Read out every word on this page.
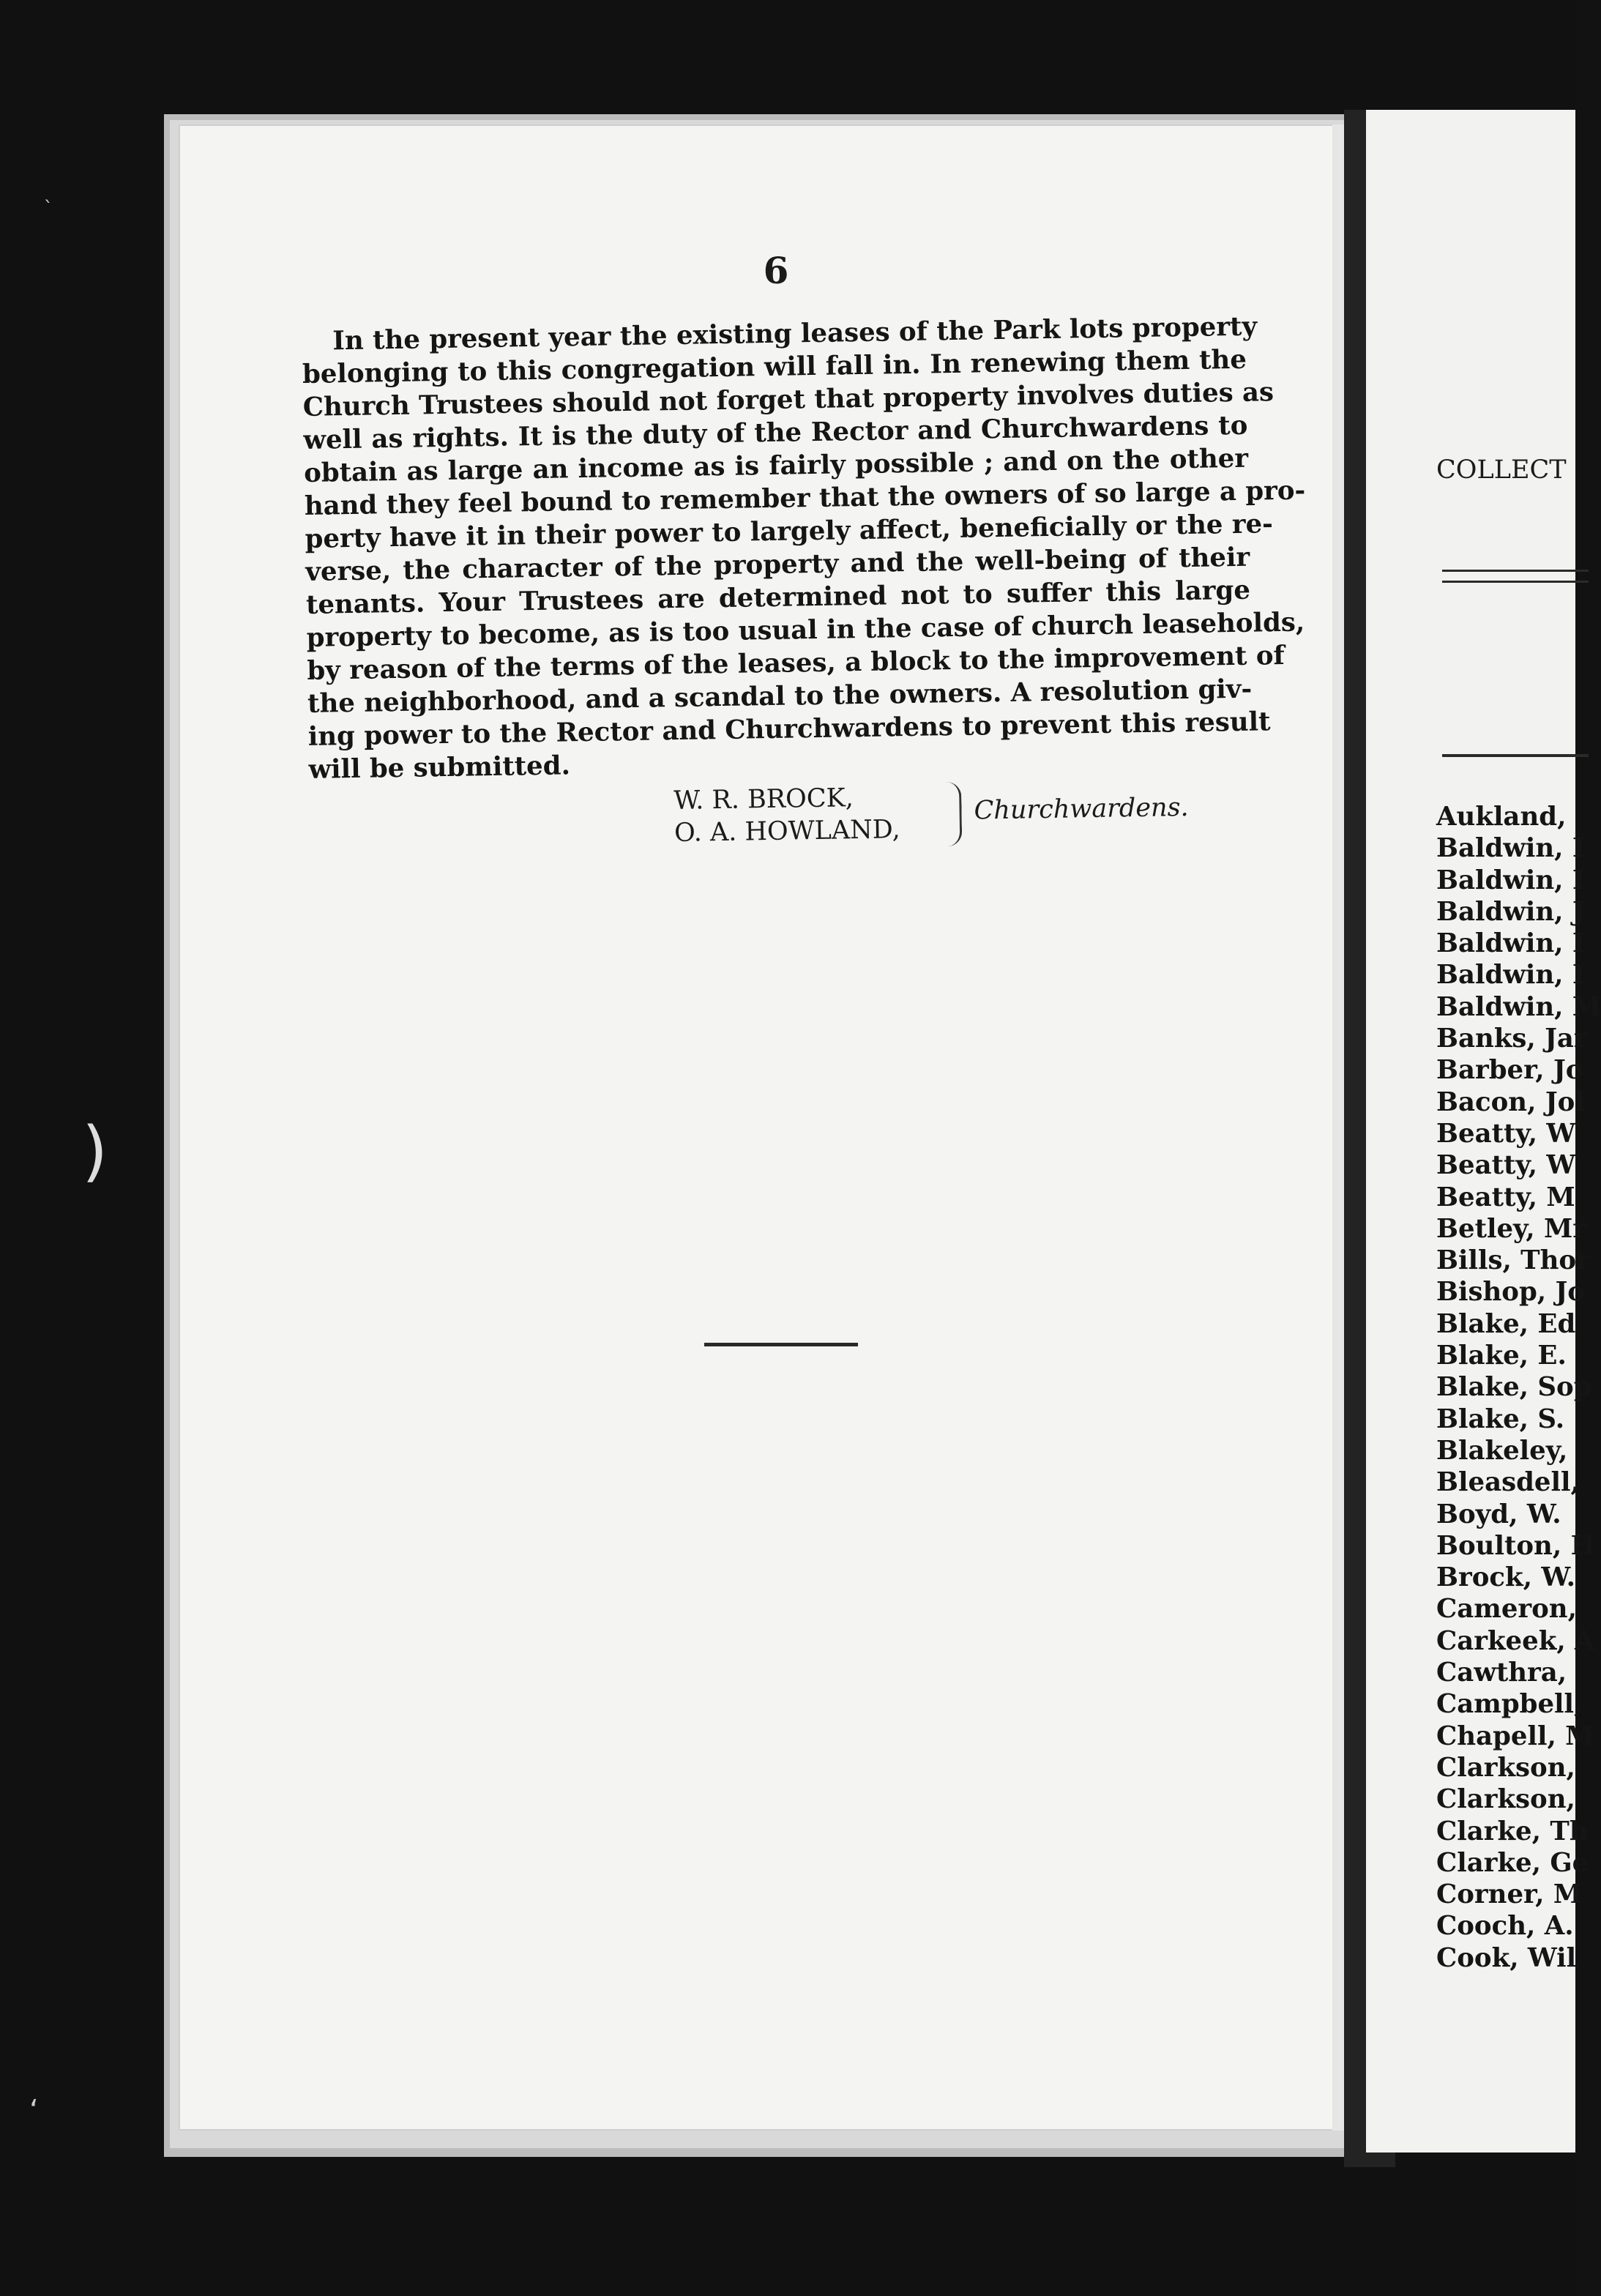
6
In the present year the existing leases of the Park lots property
belonging to this congregation will fall in. In renewing them the
Church Trustees should not forget that property involves duties as
well as rights. It is the duty of the Rector and Churchwardens to
obtain as large an income as is fairly possible ; and on the other
hand they feel bound to remember that the owners of so large a pro-
perty have it in their power to largely affect, beneficially or the re-
verse, the character of the property and the well-being of their
tenants. Your Trustees are determined not to suffer this large
property to become, as is too usual in the case of church leaseholds,
by reason of the terms of the leases, a block to the improvement of
the neighborhood, and a scandal to the owners. A resolution giv-
ing power to the Rector and Churchwardens to prevent this result
will be submitted.
W. R. BROCK,
O. A. HOWLAND,
Churchwardens.
COLLECT
Aukland,
Baldwin, I
Baldwin, I
Baldwin, J
Baldwin, I
Baldwin, I
Baldwin, M
Banks, Jar
Barber, Jo
Bacon, Jol
Beatty, W
Beatty, W
Beatty, M
Betley, Mr
Bills, Thor
Bishop, Jo
Blake, Ed
Blake, E.
Blake, Sop
Blake, S.
Blakeley,
Bleasdell,
Boyd, W.
Boulton, H
Brock, W.
Cameron,
Carkeek, A
Cawthra,
Campbell,
Chapell, M
Clarkson,
Clarkson,
Clarke, Th
Clarke, Ge
Corner, M
Cooch, A.
Cook, Wil
`
)
ʻ
